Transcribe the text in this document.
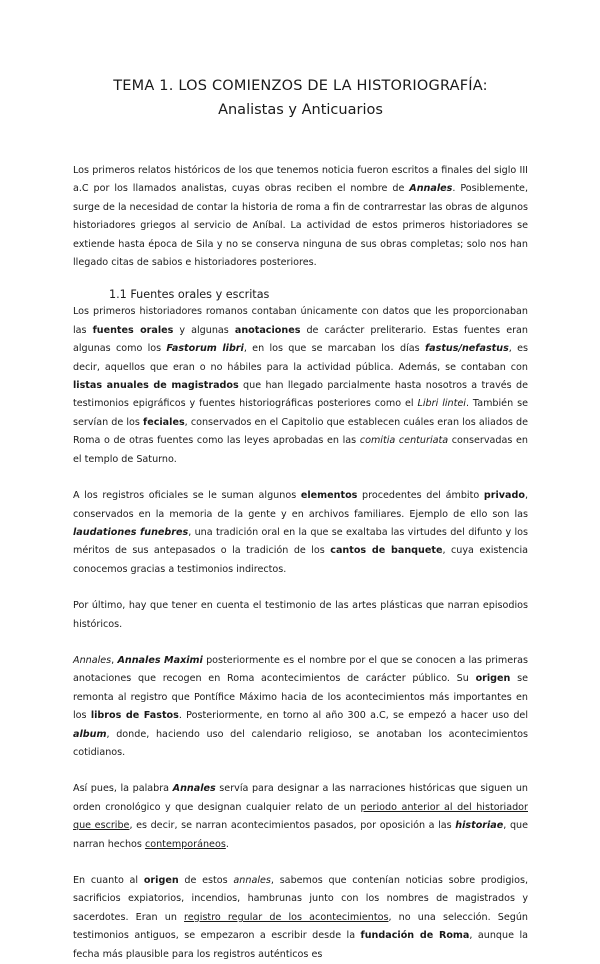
TEMA 1. LOS COMIENZOS DE LA HISTORIOGRAFÍA:
Analistas y Anticuarios

Los primeros relatos históricos de los que tenemos noticia fueron escritos a finales del siglo III a.C por los llamados analistas, cuyas obras reciben el nombre de Annales. Posiblemente, surge de la necesidad de contar la historia de roma a fin de contrarrestar las obras de algunos historiadores griegos al servicio de Aníbal. La actividad de estos primeros historiadores se extiende hasta época de Sila y no se conserva ninguna de sus obras completas; solo nos han llegado citas de sabios e historiadores posteriores.

1.1 Fuentes orales y escritas

Los primeros historiadores romanos contaban únicamente con datos que les proporcionaban las fuentes orales y algunas anotaciones de carácter preliterario. Estas fuentes eran algunas como los Fastorum libri, en los que se marcaban los días fastus/nefastus, es decir, aquellos que eran o no hábiles para la actividad pública. Además, se contaban con listas anuales de magistrados que han llegado parcialmente hasta nosotros a través de testimonios epigráficos y fuentes historiográficas posteriores como el Libri lintei. También se servían de los feciales, conservados en el Capitolio que establecen cuáles eran los aliados de Roma o de otras fuentes como las leyes aprobadas en las comitia centuriata conservadas en el templo de Saturno.

A los registros oficiales se le suman algunos elementos procedentes del ámbito privado, conservados en la memoria de la gente y en archivos familiares. Ejemplo de ello son las laudationes funebres, una tradición oral en la que se exaltaba las virtudes del difunto y los méritos de sus antepasados o la tradición de los cantos de banquete, cuya existencia conocemos gracias a testimonios indirectos.

Por último, hay que tener en cuenta el testimonio de las artes plásticas que narran episodios históricos.

Annales, Annales Maximi posteriormente es el nombre por el que se conocen a las primeras anotaciones que recogen en Roma acontecimientos de carácter público. Su origen se remonta al registro que Pontífice Máximo hacia de los acontecimientos más importantes en los libros de Fastos. Posteriormente, en torno al año 300 a.C, se empezó a hacer uso del album, donde, haciendo uso del calendario religioso, se anotaban los acontecimientos cotidianos.

Así pues, la palabra Annales servía para designar a las narraciones históricas que siguen un orden cronológico y que designan cualquier relato de un periodo anterior al del historiador que escribe, es decir, se narran acontecimientos pasados, por oposición a las historiae, que narran hechos contemporáneos.

En cuanto al origen de estos annales, sabemos que contenían noticias sobre prodigios, sacrificios expiatorios, incendios, hambrunas junto con los nombres de magistrados y sacerdotes. Eran un registro regular de los acontecimientos, no una selección. Según testimonios antiguos, se empezaron a escribir desde la fundación de Roma, aunque la fecha más plausible para los registros auténticos es
